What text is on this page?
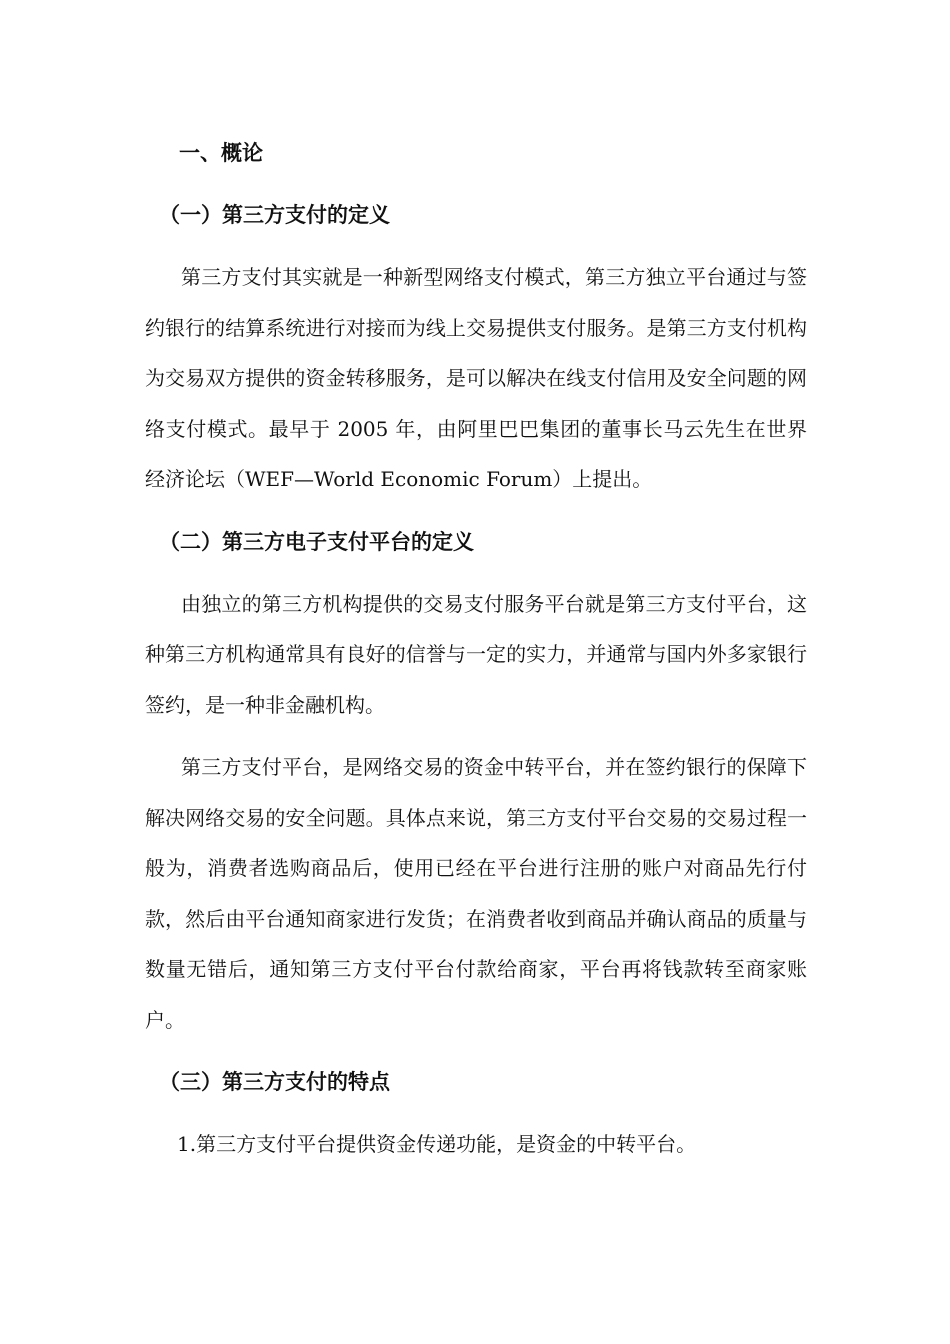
一、概论
（一）第三方支付的定义

第三方支付其实就是一种新型网络支付模式，第三方独立平台通过与签约银行的结算系统进行对接而为线上交易提供支付服务。是第三方支付机构为交易双方提供的资金转移服务，是可以解决在线支付信用及安全问题的网络支付模式。最早于 2005 年，由阿里巴巴集团的董事长马云先生在世界经济论坛（WEF—World Economic Forum）上提出。

（二）第三方电子支付平台的定义

由独立的第三方机构提供的交易支付服务平台就是第三方支付平台，这种第三方机构通常具有良好的信誉与一定的实力，并通常与国内外多家银行签约，是一种非金融机构。

第三方支付平台，是网络交易的资金中转平台，并在签约银行的保障下解决网络交易的安全问题。具体点来说，第三方支付平台交易的交易过程一般为，消费者选购商品后，使用已经在平台进行注册的账户对商品先行付款，然后由平台通知商家进行发货；在消费者收到商品并确认商品的质量与数量无错后，通知第三方支付平台付款给商家，平台再将钱款转至商家账户。

（三）第三方支付的特点

1.第三方支付平台提供资金传递功能，是资金的中转平台。
